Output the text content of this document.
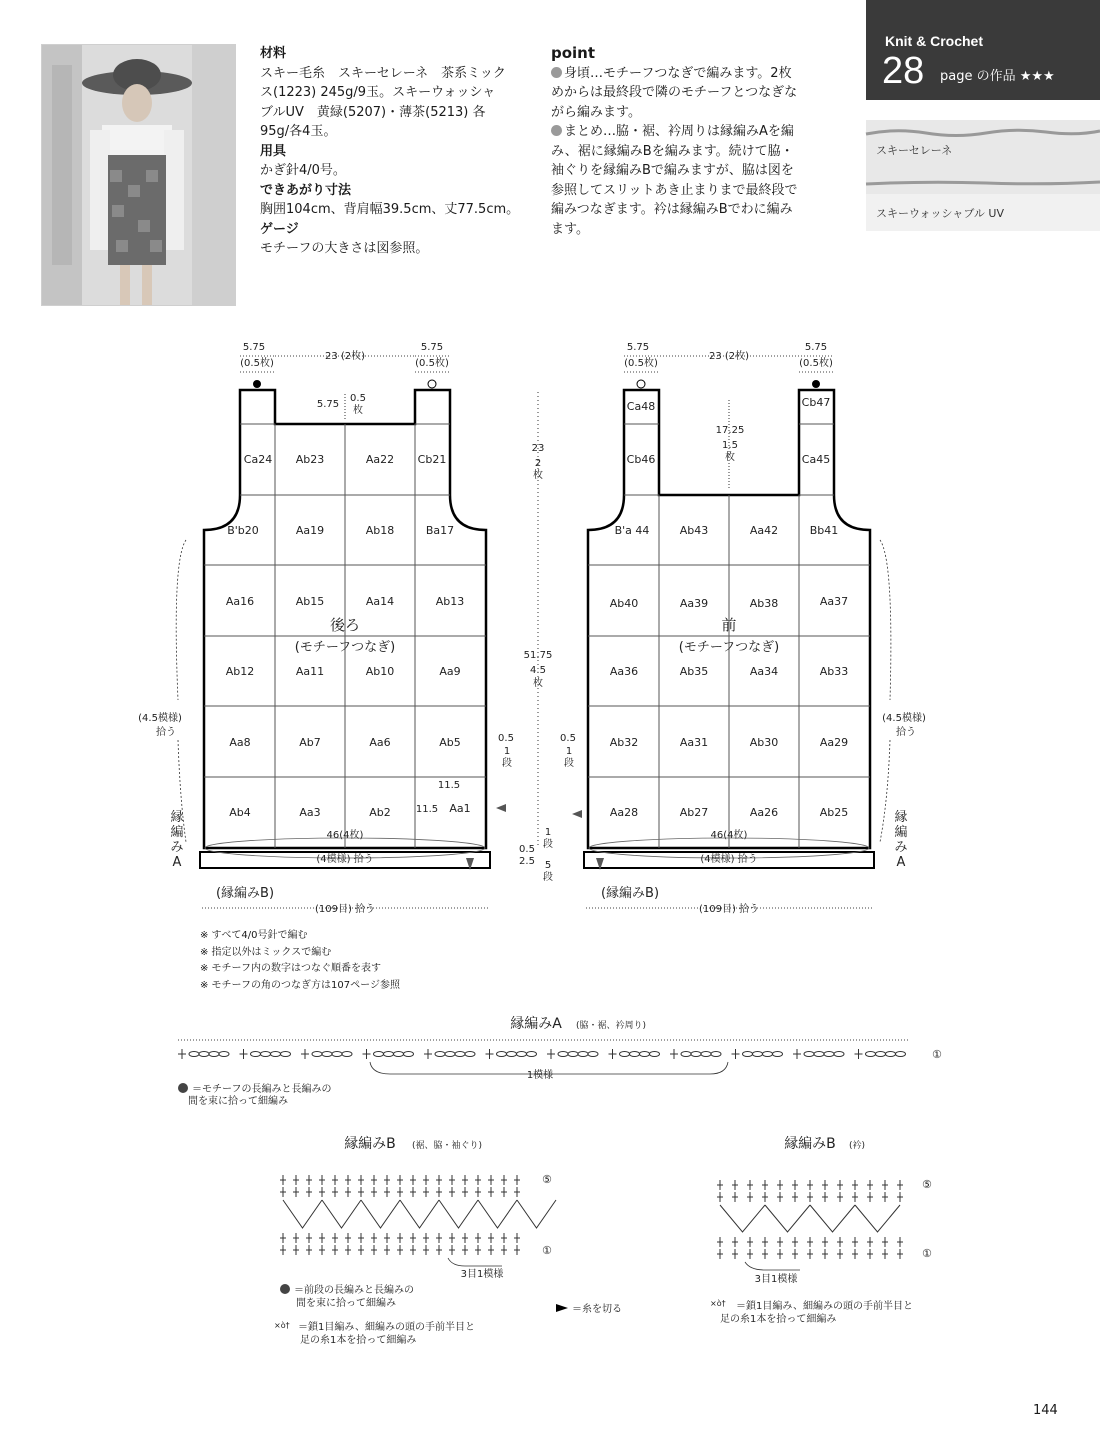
材料

スキー毛糸　スキーセレーネ　茶系ミック

ス(1223) 245g/9玉。スキーウォッシャ

ブルUV　黄緑(5207)・薄茶(5213) 各

95g/各4玉。

用具

かぎ針4/0号。

できあがり寸法

胸囲104cm、背肩幅39.5cm、丈77.5cm。

ゲージ

モチーフの大きさは図参照。

point

身頃…モチーフつなぎで編みます。2枚

めからは最終段で隣のモチーフとつなぎな

がら編みます。

まとめ…脇・裾、衿周りは縁編みAを編

み、裾に縁編みBを編みます。続けて脇・

袖ぐりを縁編みBで編みますが、脇は図を

参照してスリットあき止まりまで最終段で

編みつなぎます。衿は縁編みBでわに編み

ます。

Knit & Crochet
28 page の作品 ★★★
スキーセレーネ
スキーウォッシャブル UV
Ca24 Ab23	Aa22 Cb21
B'b20	Aa19	Ab18	Ba17
Aa16	Ab15	Aa14	Ab13
Ab12	Aa11	Ab10	Aa9
Aa8	Ab7	Aa6	Ab5
Ab4	Aa3	Ab2	Aa1
後ろ
(モチーフつなぎ)
5.75
(0.5枚)
23 (2枚)
5.75
(0.5枚)
5.75
0.5
枚
11.5
11.5
46(4枚)
(4模様) 拾う
(4.5模様)
拾う
(109目) 拾う
縁
編
み
A
(縁編みB)
23
2
枚
51.75
4.5
枚
0.5
1
段
0.5
1
段
1
段
0.5
2.5 5
段
Ca48	Cb47
Cb46	Ca45
B'a 44	Ab43	Aa42	Bb41
Ab40	Aa39	Ab38	Aa37
Aa36	Ab35	Aa34	Ab33
Ab32	Aa31	Ab30	Aa29
Aa28	Ab27	Aa26	Ab25
前
(モチーフつなぎ)
5.75
(0.5枚)
23 (2枚)
5.75
(0.5枚)
17.25
1.5
枚
46(4枚)
(4模様) 拾う
(4.5模様)
拾う
(109目) 拾う
縁
編
み
A
(縁編みB)

※ すべて4/0号針で編む

※ 指定以外はミックスで編む

※ モチーフ内の数字はつなぐ順番を表す

※ モチーフの角のつなぎ方は107ページ参照

縁編みA (脇・裾、衿周り)
1模様
①
＝モチーフの長編みと長編みの
間を束に拾って細編み
縁編みB (裾、脇・袖ぐり)
⑤
①
3目1模様
＝前段の長編みと長編みの
間を束に拾って細編み
×ò† ＝鎖1目編み、細編みの頭の手前半目と
足の糸1本を拾って細編み
＝糸を切る
縁編みB (衿)
⑤
①
3目1模様
×ò† ＝鎖1目編み、細編みの頭の手前半目と
足の糸1本を拾って細編み
144
